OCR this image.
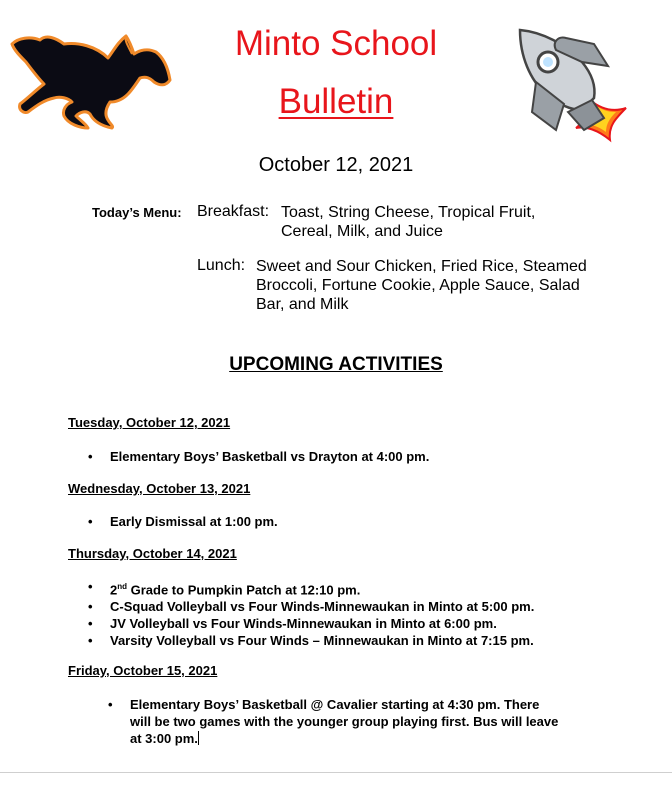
Minto School
Bulletin
October 12, 2021
Today’s Menu: Breakfast: Toast, String Cheese, Tropical Fruit,
Cereal, Milk, and Juice
Lunch: Sweet and Sour Chicken, Fried Rice, Steamed
Broccoli, Fortune Cookie, Apple Sauce, Salad
Bar, and Milk
UPCOMING ACTIVITIES
Tuesday, October 12, 2021
• Elementary Boys’ Basketball vs Drayton at 4:00 pm.
Wednesday, October 13, 2021
• Early Dismissal at 1:00 pm.
Thursday, October 14, 2021
• 2nd Grade to Pumpkin Patch at 12:10 pm.
• C-Squad Volleyball vs Four Winds-Minnewaukan in Minto at 5:00 pm.
• JV Volleyball vs Four Winds-Minnewaukan in Minto at 6:00 pm.
• Varsity Volleyball vs Four Winds – Minnewaukan in Minto at 7:15 pm.
Friday, October 15, 2021
• Elementary Boys’ Basketball @ Cavalier starting at 4:30 pm. There
will be two games with the younger group playing first. Bus will leave
at 3:00 pm.
